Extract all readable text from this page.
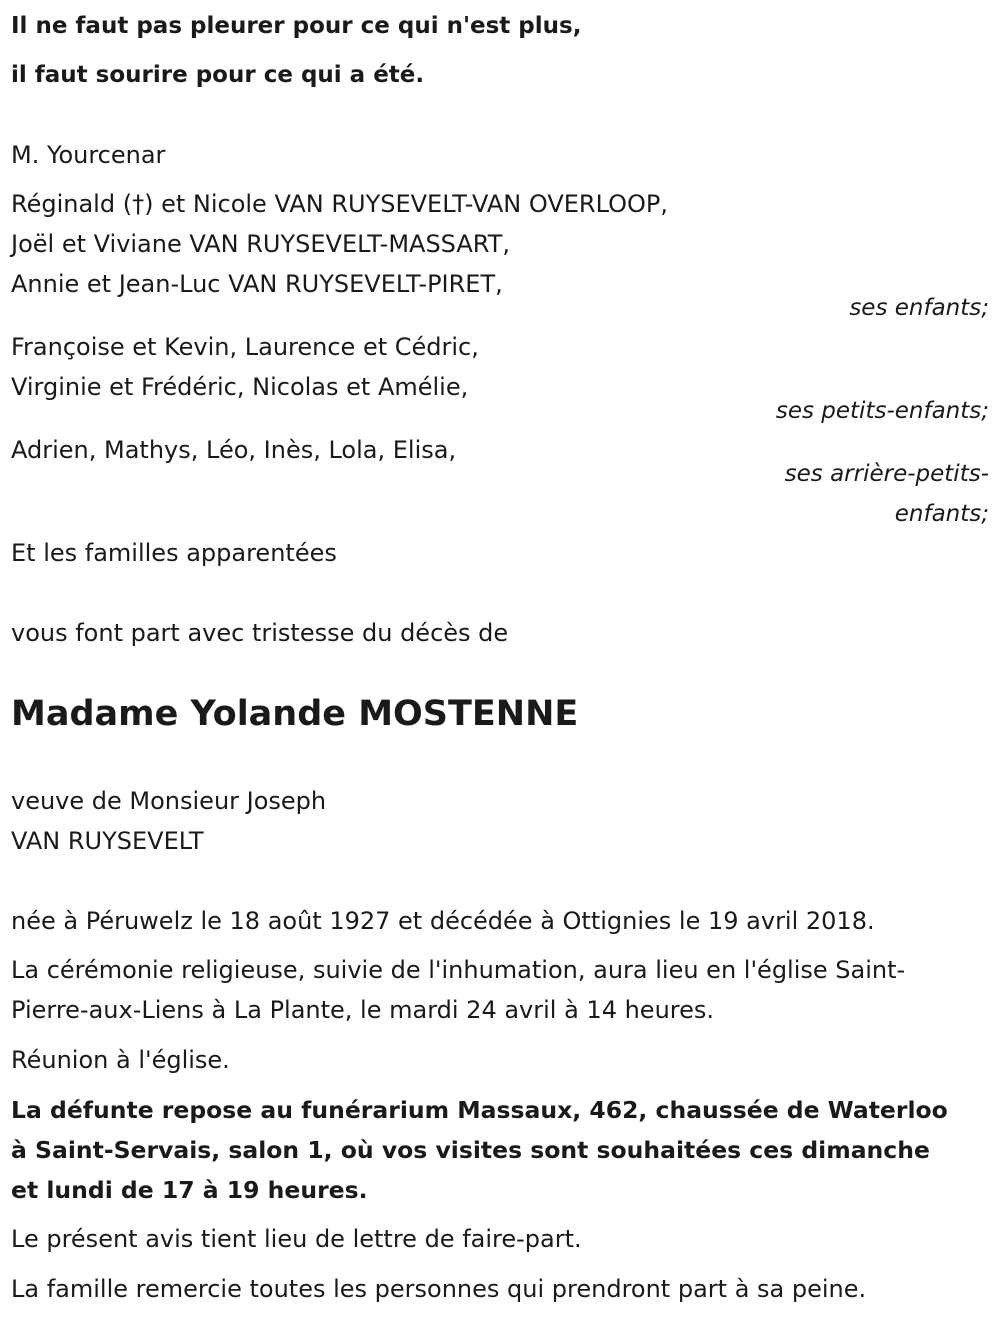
Il ne faut pas pleurer pour ce qui n'est plus,
il faut sourire pour ce qui a été.
M. Yourcenar
Réginald (†) et Nicole VAN RUYSEVELT-VAN OVERLOOP,
Joël et Viviane VAN RUYSEVELT-MASSART,
Annie et Jean-Luc VAN RUYSEVELT-PIRET,
ses enfants;
Françoise et Kevin, Laurence et Cédric,
Virginie et Frédéric, Nicolas et Amélie,
ses petits-enfants;
Adrien, Mathys, Léo, Inès, Lola, Elisa,
ses arrière-petits-
enfants;
Et les familles apparentées
vous font part avec tristesse du décès de
Madame Yolande MOSTENNE
veuve de Monsieur Joseph
VAN RUYSEVELT
née à Péruwelz le 18 août 1927 et décédée à Ottignies le 19 avril 2018.
La cérémonie religieuse, suivie de l'inhumation, aura lieu en l'église Saint-
Pierre-aux-Liens à La Plante, le mardi 24 avril à 14 heures.
Réunion à l'église.
La défunte repose au funérarium Massaux, 462, chaussée de Waterloo
à Saint-Servais, salon 1, où vos visites sont souhaitées ces dimanche
et lundi de 17 à 19 heures.
Le présent avis tient lieu de lettre de faire-part.
La famille remercie toutes les personnes qui prendront part à sa peine.
